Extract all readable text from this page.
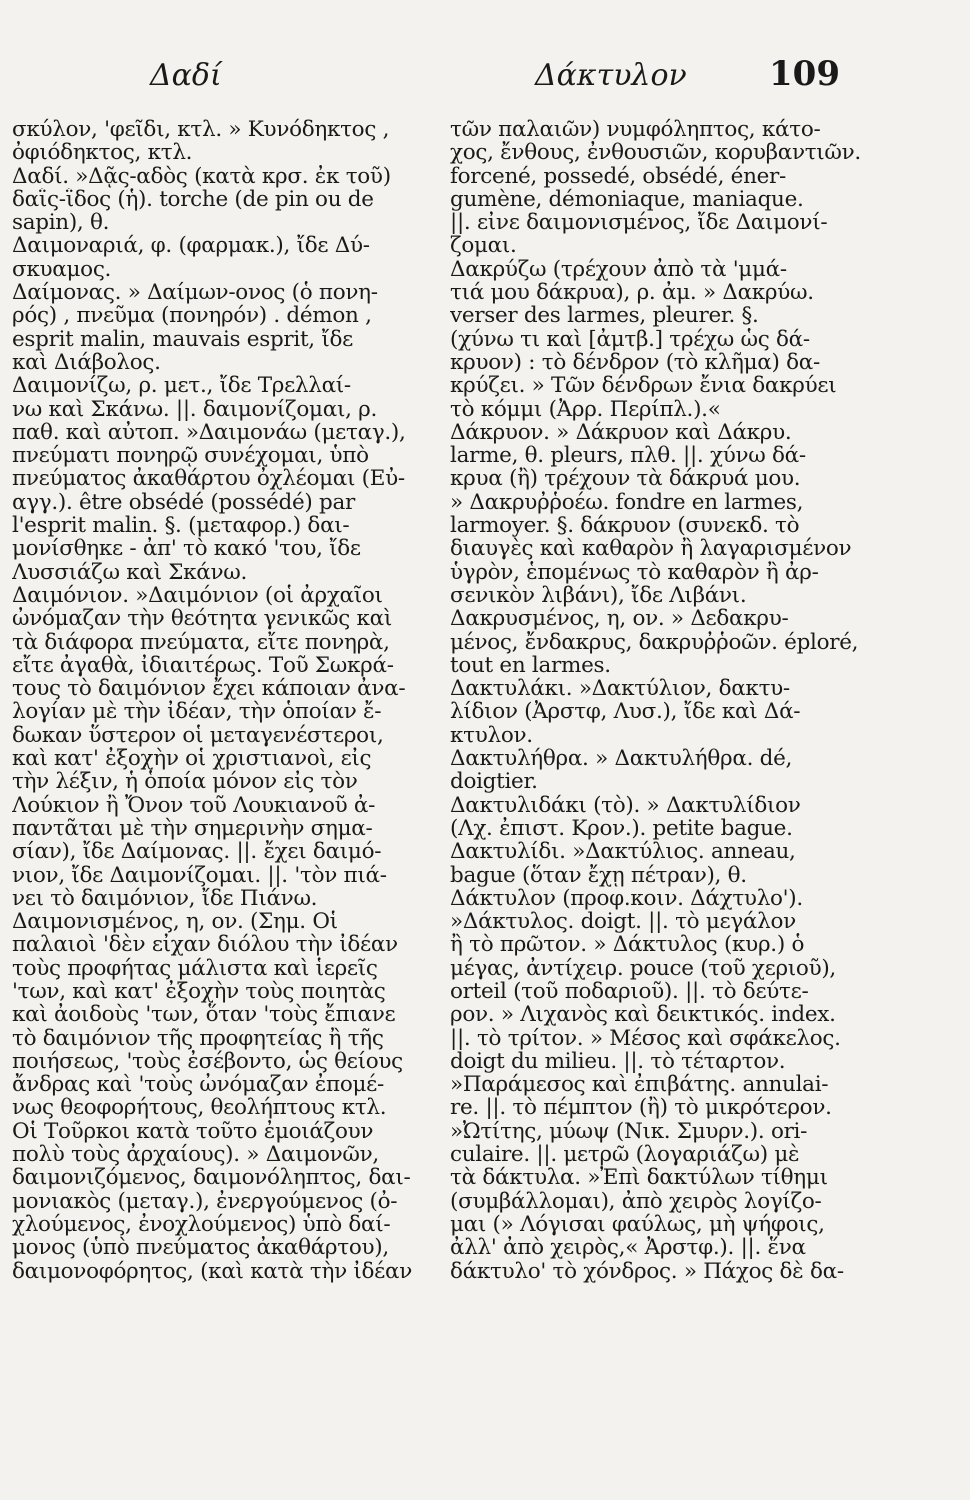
Δαδί	Δάκτυλον 109
σκύλον, 'φεῖδι, κτλ. » Κυνόδηκτος ,
ὀφιόδηκτος, κτλ.
Δαδί. »Δᾷς-αδὸς (κατὰ κρσ. ἐκ τοῦ)
δαΐς-ΐδος (ἡ). torche (de pin ou de
sapin), θ.
Δαιμοναριά, φ. (φαρμακ.), ἴδε Δύ-
σκυαμος.
Δαίμονας. » Δαίμων-ονος (ὁ πονη-
ρός) , πνεῦμα (πονηρόν) . démon ,
esprit malin, mauvais esprit, ἴδε
καὶ Διάβολος.
Δαιμονίζω, ρ. μετ., ἴδε Τρελλαί-
νω καὶ Σκάνω. ||. δαιμονίζομαι, ρ.
παθ. καὶ αὐτοπ. »Δαιμονάω (μεταγ.),
πνεύματι πονηρῷ συνέχομαι, ὑπὸ
πνεύματος ἀκαθάρτου ὀχλέομαι (Εὐ-
αγγ.). être obsédé (possédé) par
l'esprit malin. §. (μεταφορ.) δαι-
μονίσθηκε - ἀπ' τὸ κακό 'του, ἴδε
Λυσσιάζω καὶ Σκάνω.
Δαιμόνιον. »Δαιμόνιον (οἱ ἀρχαῖοι
ὠνόμαζαν τὴν θεότητα γενικῶς καὶ
τὰ διάφορα πνεύματα, εἴτε πονηρὰ,
εἴτε ἀγαθὰ, ἰδιαιτέρως. Τοῦ Σωκρά-
τους τὸ δαιμόνιον ἔχει κάποιαν ἀνα-
λογίαν μὲ τὴν ἰδέαν, τὴν ὁποίαν ἔ-
δωκαν ὕστερον οἱ μεταγενέστεροι,
καὶ κατ' ἐξοχὴν οἱ χριστιανοὶ, εἰς
τὴν λέξιν, ἡ ὁποία μόνον εἰς τὸν
Λούκιον ἢ Ὄνον τοῦ Λουκιανοῦ ἀ-
παντᾶται μὲ τὴν σημερινὴν σημα-
σίαν), ἴδε Δαίμονας. ||. ἔχει δαιμό-
νιον, ἴδε Δαιμονίζομαι. ||. 'τὸν πιά-
νει τὸ δαιμόνιον, ἴδε Πιάνω.
Δαιμονισμένος, η, ον. (Σημ. Οἱ
παλαιοὶ 'δὲν εἶχαν διόλου τὴν ἰδέαν
τοὺς προφήτας μάλιστα καὶ ἱερεῖς
'των, καὶ κατ' ἐξοχὴν τοὺς ποιητὰς
καὶ ἀοιδοὺς 'των, ὅταν 'τοὺς ἔπιανε
τὸ δαιμόνιον τῆς προφητείας ἢ τῆς
ποιήσεως, 'τοὺς ἐσέβοντο, ὡς θείους
ἄνδρας καὶ 'τοὺς ὠνόμαζαν ἐπομέ-
νως θεοφορήτους, θεολήπτους κτλ.
Οἱ Τοῦρκοι κατὰ τοῦτο ἐμοιάζουν
πολὺ τοὺς ἀρχαίους). » Δαιμονῶν,
δαιμονιζόμενος, δαιμονόληπτος, δαι-
μονιακὸς (μεταγ.), ἐνεργούμενος (ὀ-
χλούμενος, ἐνοχλούμενος) ὑπὸ δαί-
μονος (ὑπὸ πνεύματος ἀκαθάρτου),
δαιμονοφόρητος, (καὶ κατὰ τὴν ἰδέαν
τῶν παλαιῶν) νυμφόληπτος, κάτο-
χος, ἔνθους, ἐνθουσιῶν, κορυβαντιῶν.
forcené, possedé, obsédé, éner-
gumène, démoniaque, maniaque.
||. εἶνε δαιμονισμένος, ἴδε Δαιμονί-
ζομαι.
Δακρύζω (τρέχουν ἀπὸ τὰ 'μμά-
τιά μου δάκρυα), ρ. ἀμ. » Δακρύω.
verser des larmes, pleurer. §.
(χύνω τι καὶ [ἀμτβ.] τρέχω ὡς δά-
κρυον) : τὸ δένδρον (τὸ κλῆμα) δα-
κρύζει. » Τῶν δένδρων ἔνια δακρύει
τὸ κόμμι (Ἀρρ. Περίπλ.).«
Δάκρυον. » Δάκρυον καὶ Δάκρυ.
larme, θ. pleurs, πλθ. ||. χύνω δά-
κρυα (ἢ) τρέχουν τὰ δάκρυά μου.
» Δακρυῤῥοέω. fondre en larmes,
larmoyer. §. δάκρυον (συνεκδ. τὸ
διαυγὲς καὶ καθαρὸν ἢ λαγαρισμένον
ὑγρὸν, ἑπομένως τὸ καθαρὸν ἢ ἀρ-
σενικὸν λιβάνι), ἴδε Λιβάνι.
Δακρυσμένος, η, ον. » Δεδακρυ-
μένος, ἔνδακρυς, δακρυῤῥοῶν. éploré,
tout en larmes.
Δακτυλάκι. »Δακτύλιον, δακτυ-
λίδιον (Ἀρστφ, Λυσ.), ἴδε καὶ Δά-
κτυλον.
Δακτυλήθρα. » Δακτυλήθρα. dé,
doigtier.
Δακτυλιδάκι (τὸ). » Δακτυλίδιον
(Λχ. ἐπιστ. Κρον.). petite bague.
Δακτυλίδι. »Δακτύλιος. anneau,
bague (ὅταν ἔχῃ πέτραν), θ.
Δάκτυλον (προφ.κοιν. Δάχτυλο').
»Δάκτυλος. doigt. ||. τὸ μεγάλον
ἢ τὸ πρῶτον. » Δάκτυλος (κυρ.) ὁ
μέγας, ἀντίχειρ. pouce (τοῦ χεριοῦ),
orteil (τοῦ ποδαριοῦ). ||. τὸ δεύτε-
ρον. » Λιχανὸς καὶ δεικτικός. index.
||. τὸ τρίτον. » Μέσος καὶ σφάκελος.
doigt du milieu. ||. τὸ τέταρτον.
»Παράμεσος καὶ ἐπιβάτης. annulai-
re. ||. τὸ πέμπτον (ἢ) τὸ μικρότερον.
»Ὠτίτης, μύωψ (Νικ. Σμυρν.). ori-
culaire. ||. μετρῶ (λογαριάζω) μὲ
τὰ δάκτυλα. »Ἐπὶ δακτύλων τίθημι
(συμβάλλομαι), ἀπὸ χειρὸς λογίζο-
μαι (» Λόγισαι φαύλως, μὴ ψήφοις,
ἀλλ' ἀπὸ χειρὸς,« Ἀρστφ.). ||. ἕνα
δάκτυλο' τὸ χόνδρος. » Πάχος δὲ δα-
